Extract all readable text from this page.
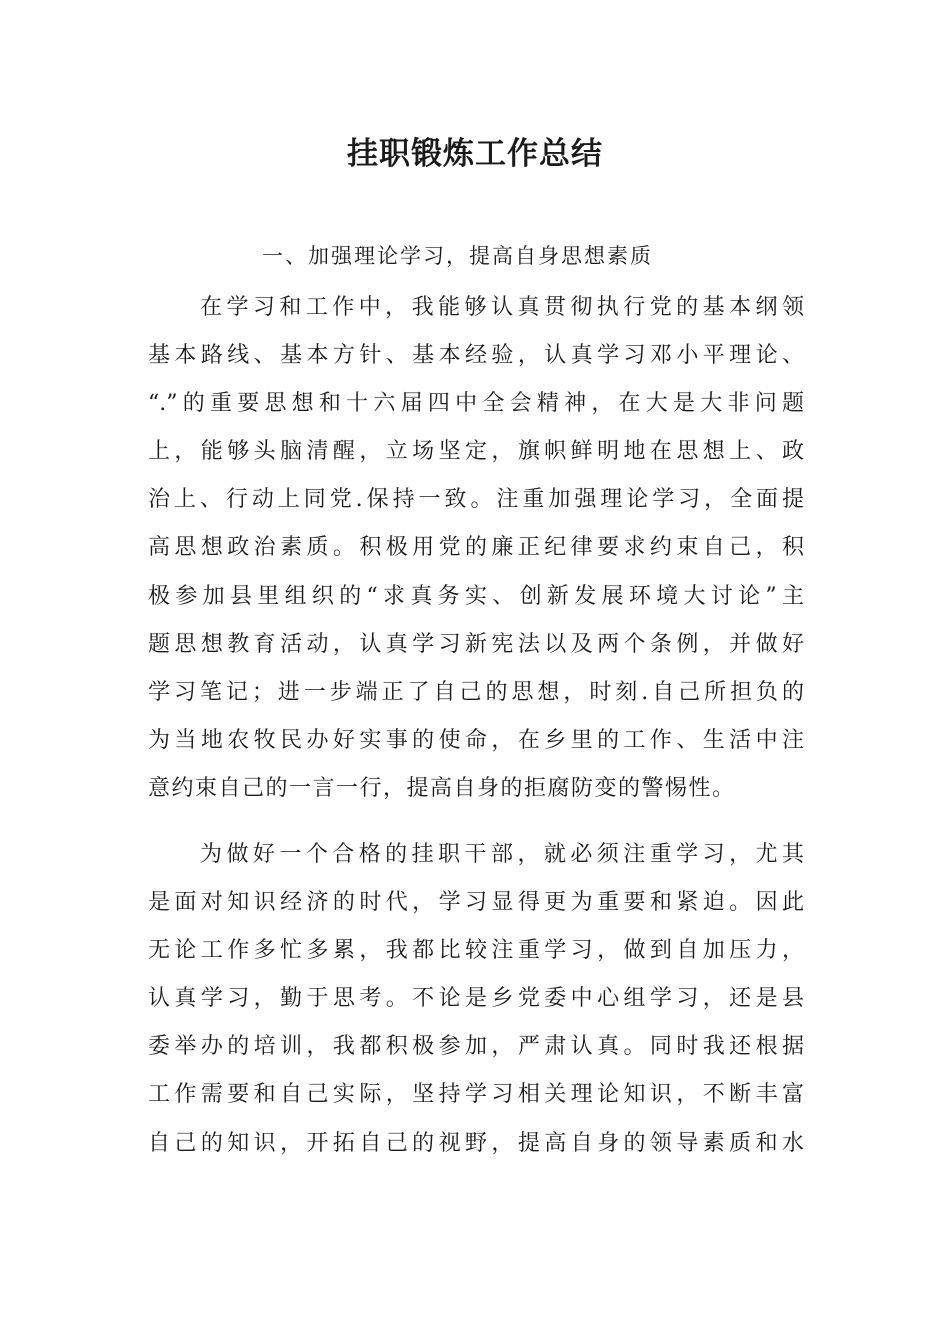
挂职锻炼工作总结

一、加强理论学习，提高自身思想素质

在学习和工作中，我能够认真贯彻执行党的基本纲领
基本路线、基本方针、基本经验，认真学习邓小平理论、
“.”的重要思想和十六届四中全会精神，在大是大非问题
上，能够头脑清醒，立场坚定，旗帜鲜明地在思想上、政
治上、行动上同党.保持一致。注重加强理论学习，全面提
高思想政治素质。积极用党的廉正纪律要求约束自己，积
极参加县里组织的“求真务实、创新发展环境大讨论”主
题思想教育活动，认真学习新宪法以及两个条例，并做好
学习笔记；进一步端正了自己的思想，时刻.自己所担负的
为当地农牧民办好实事的使命，在乡里的工作、生活中注
意约束自己的一言一行，提高自身的拒腐防变的警惕性。
为做好一个合格的挂职干部，就必须注重学习，尤其
是面对知识经济的时代，学习显得更为重要和紧迫。因此
无论工作多忙多累，我都比较注重学习，做到自加压力，
认真学习，勤于思考。不论是乡党委中心组学习，还是县
委举办的培训，我都积极参加，严肃认真。同时我还根据
工作需要和自己实际，坚持学习相关理论知识，不断丰富
自己的知识，开拓自己的视野，提高自身的领导素质和水
